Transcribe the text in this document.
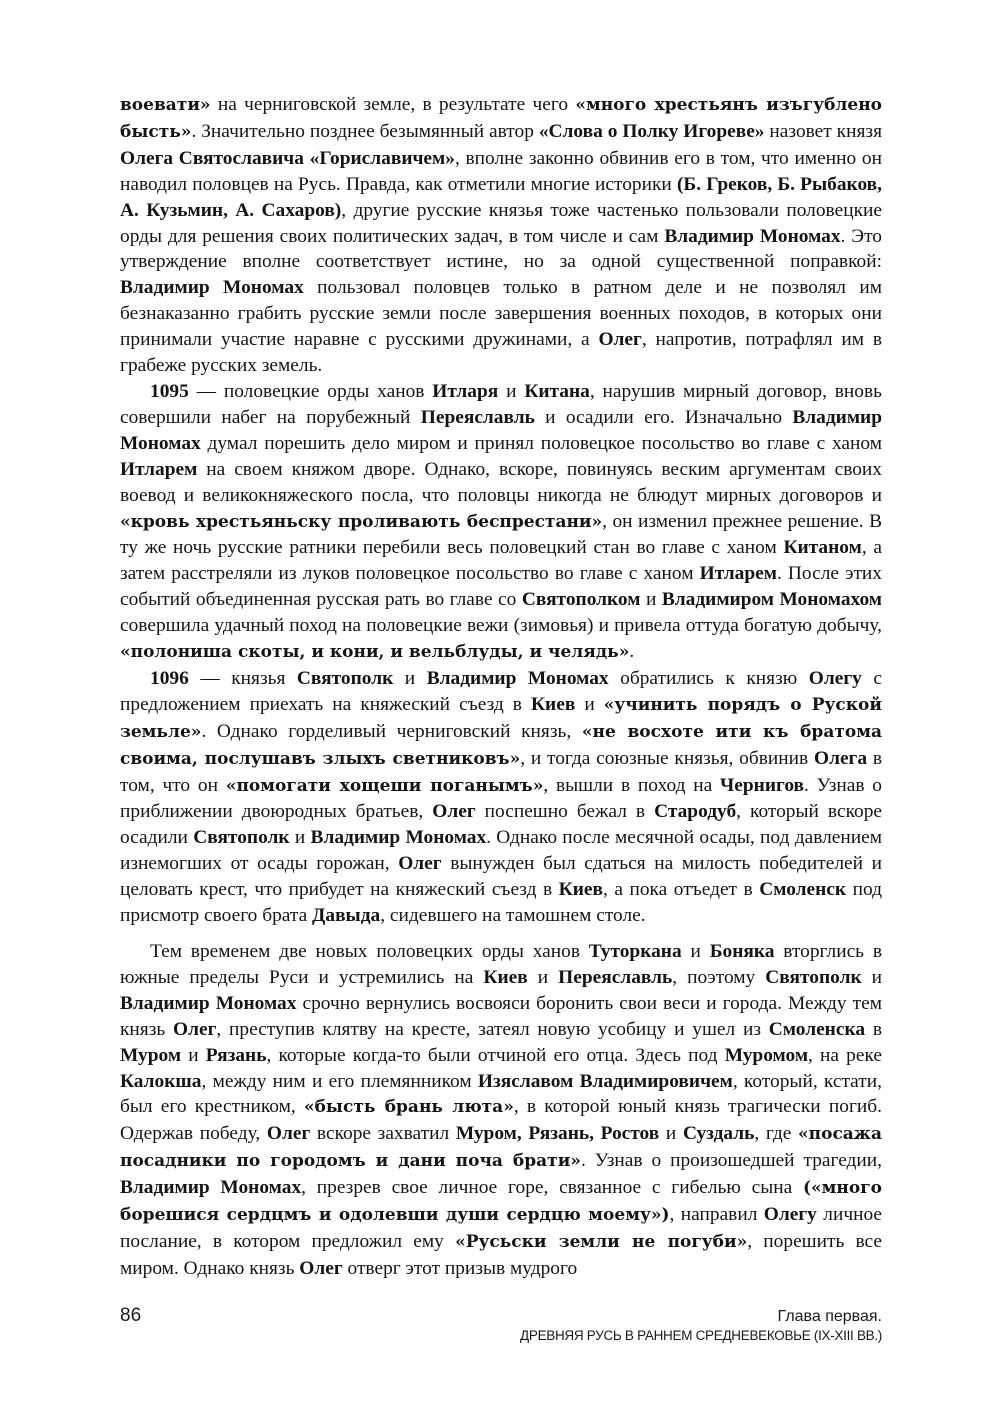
воевати» на черниговской земле, в результате чего «много хрестьянъ изъгублено бысть». Значительно позднее безымянный автор «Слова о Полку Игореве» назовет князя Олега Святославича «Гориславичем», вполне законно обвинив его в том, что именно он наводил половцев на Русь. Правда, как отметили многие историки (Б. Греков, Б. Рыбаков, А. Кузьмин, А. Сахаров), другие русские князья тоже частенько пользовали половецкие орды для решения своих политических задач, в том числе и сам Владимир Мономах. Это утверждение вполне соответствует истине, но за одной существенной поправкой: Владимир Мономах пользовал половцев только в ратном деле и не позволял им безнаказанно грабить русские земли после завершения военных походов, в которых они принимали участие наравне с русскими дружинами, а Олег, напротив, потрафлял им в грабеже русских земель.

1095 — половецкие орды ханов Итларя и Китана, нарушив мирный договор, вновь совершили набег на порубежный Переяславль и осадили его. Изначально Владимир Мономах думал порешить дело миром и принял половецкое посольство во главе с ханом Итларем на своем княжом дворе. Однако, вскоре, повинуясь веским аргументам своих воевод и великокняжеского посла, что половцы никогда не блюдут мирных договоров и «кровь хрестьяньску проливають беспрестани», он изменил прежнее решение. В ту же ночь русские ратники перебили весь половецкий стан во главе с ханом Китаном, а затем расстреляли из луков половецкое посольство во главе с ханом Итларем. После этих событий объединенная русская рать во главе со Святополком и Владимиром Мономахом совершила удачный поход на половецкие вежи (зимовья) и привела оттуда богатую добычу, «полониша скоты, и кони, и вельблуды, и челядь».

1096 — князья Святополк и Владимир Мономах обратились к князю Олегу с предложением приехать на княжеский съезд в Киев и «учинить порядъ о Руской земьле». Однако горделивый черниговский князь, «не восхоте ити къ братома своима, послушавъ злыхъ светниковъ», и тогда союзные князья, обвинив Олега в том, что он «помогати хощеши поганымъ», вышли в поход на Чернигов. Узнав о приближении двоюродных братьев, Олег поспешно бежал в Стародуб, который вскоре осадили Святополк и Владимир Мономах. Однако после месячной осады, под давлением изнемогших от осады горожан, Олег вынужден был сдаться на милость победителей и целовать крест, что прибудет на княжеский съезд в Киев, а пока отъедет в Смоленск под присмотр своего брата Давыда, сидевшего на тамошнем столе.

Тем временем две новых половецких орды ханов Туторкана и Боняка вторглись в южные пределы Руси и устремились на Киев и Переяславль, поэтому Святополк и Владимир Мономах срочно вернулись восвояси боронить свои веси и города. Между тем князь Олег, преступив клятву на кресте, затеял новую усобицу и ушел из Смоленска в Муром и Рязань, которые когда-то были отчиной его отца. Здесь под Муромом, на реке Калокша, между ним и его племянником Изяславом Владимировичем, который, кстати, был его крестником, «бысть брань люта», в которой юный князь трагически погиб. Одержав победу, Олег вскоре захватил Муром, Рязань, Ростов и Суздаль, где «посажа посадники по городомъ и дани поча брати». Узнав о произошедшей трагедии, Владимир Мономах, презрев свое личное горе, связанное с гибелью сына («много борешися сердцмъ и одолевши души сердцю моему»), направил Олегу личное послание, в котором предложил ему «Русьски земли не погуби», порешить все миром. Однако князь Олег отверг этот призыв мудрого

86	Глава первая.
ДРЕВНЯЯ РУСЬ В РАННЕМ СРЕДНЕВЕКОВЬЕ (IX-XIII ВВ.)
